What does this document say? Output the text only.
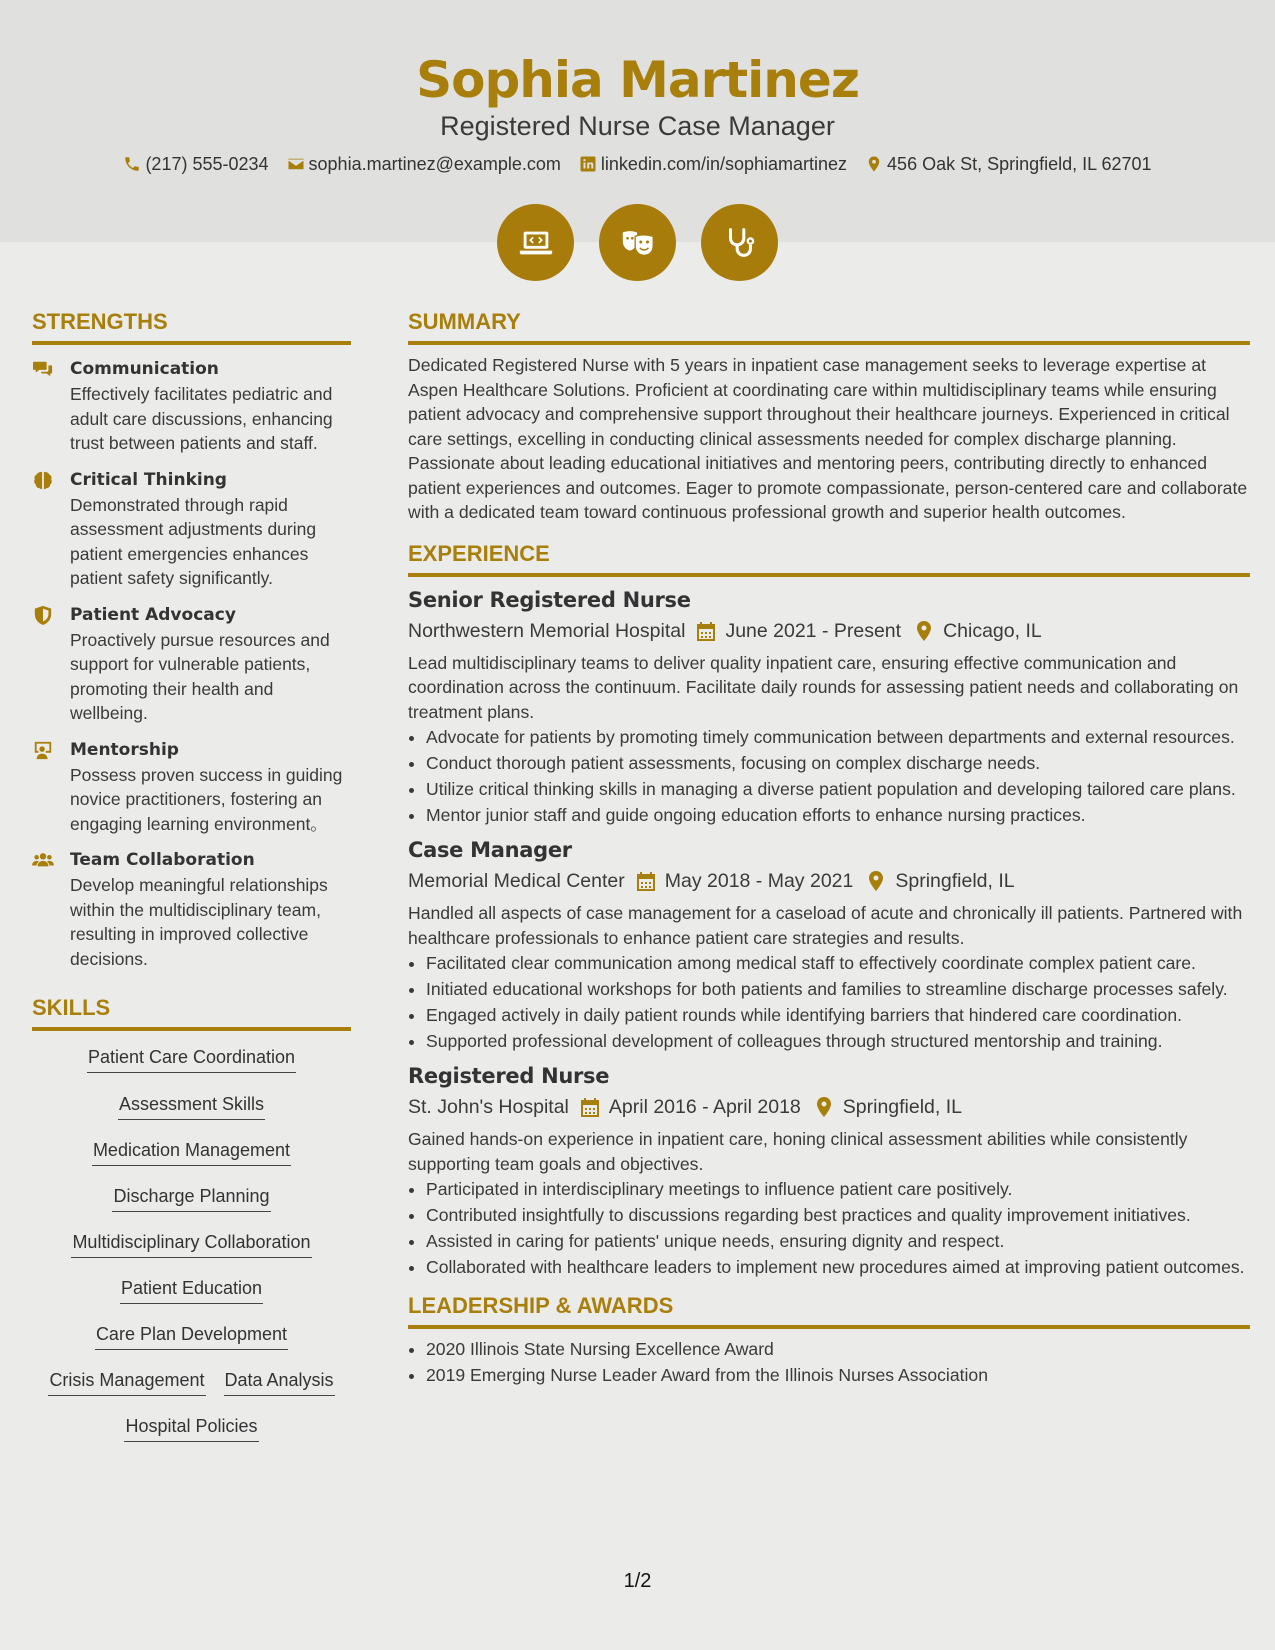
Sophia Martinez
Registered Nurse Case Manager
(217) 555-0234 sophia.martinez@example.com linkedin.com/in/sophiamartinez 456 Oak St, Springfield, IL 62701
STRENGTHS
Communication
Effectively facilitates pediatric and adult care discussions, enhancing trust between patients and staff.
Critical Thinking
Demonstrated through rapid assessment adjustments during patient emergencies enhances patient safety significantly.
Patient Advocacy
Proactively pursue resources and support for vulnerable patients, promoting their health and wellbeing.
Mentorship
Possess proven success in guiding novice practitioners, fostering an engaging learning environment。
Team Collaboration
Develop meaningful relationships within the multidisciplinary team, resulting in improved collective decisions.
SKILLS
Patient Care Coordination
Assessment Skills
Medication Management
Discharge Planning
Multidisciplinary Collaboration
Patient Education
Care Plan Development
Crisis Management Data Analysis
Hospital Policies
SUMMARY
Dedicated Registered Nurse with 5 years in inpatient case management seeks to leverage expertise at Aspen Healthcare Solutions. Proficient at coordinating care within multidisciplinary teams while ensuring patient advocacy and comprehensive support throughout their healthcare journeys. Experienced in critical care settings, excelling in conducting clinical assessments needed for complex discharge planning. Passionate about leading educational initiatives and mentoring peers, contributing directly to enhanced patient experiences and outcomes. Eager to promote compassionate, person-centered care and collaborate with a dedicated team toward continuous professional growth and superior health outcomes.
EXPERIENCE
Senior Registered Nurse
Northwestern Memorial Hospital June 2021 - Present Chicago, IL
Lead multidisciplinary teams to deliver quality inpatient care, ensuring effective communication and coordination across the continuum. Facilitate daily rounds for assessing patient needs and collaborating on treatment plans.
• Advocate for patients by promoting timely communication between departments and external resources.
• Conduct thorough patient assessments, focusing on complex discharge needs.
• Utilize critical thinking skills in managing a diverse patient population and developing tailored care plans.
• Mentor junior staff and guide ongoing education efforts to enhance nursing practices.
Case Manager
Memorial Medical Center May 2018 - May 2021 Springfield, IL
Handled all aspects of case management for a caseload of acute and chronically ill patients. Partnered with healthcare professionals to enhance patient care strategies and results.
• Facilitated clear communication among medical staff to effectively coordinate complex patient care.
• Initiated educational workshops for both patients and families to streamline discharge processes safely.
• Engaged actively in daily patient rounds while identifying barriers that hindered care coordination.
• Supported professional development of colleagues through structured mentorship and training.
Registered Nurse
St. John's Hospital April 2016 - April 2018 Springfield, IL
Gained hands-on experience in inpatient care, honing clinical assessment abilities while consistently supporting team goals and objectives.
• Participated in interdisciplinary meetings to influence patient care positively.
• Contributed insightfully to discussions regarding best practices and quality improvement initiatives.
• Assisted in caring for patients' unique needs, ensuring dignity and respect.
• Collaborated with healthcare leaders to implement new procedures aimed at improving patient outcomes.
LEADERSHIP & AWARDS
• 2020 Illinois State Nursing Excellence Award
• 2019 Emerging Nurse Leader Award from the Illinois Nurses Association
1/2
